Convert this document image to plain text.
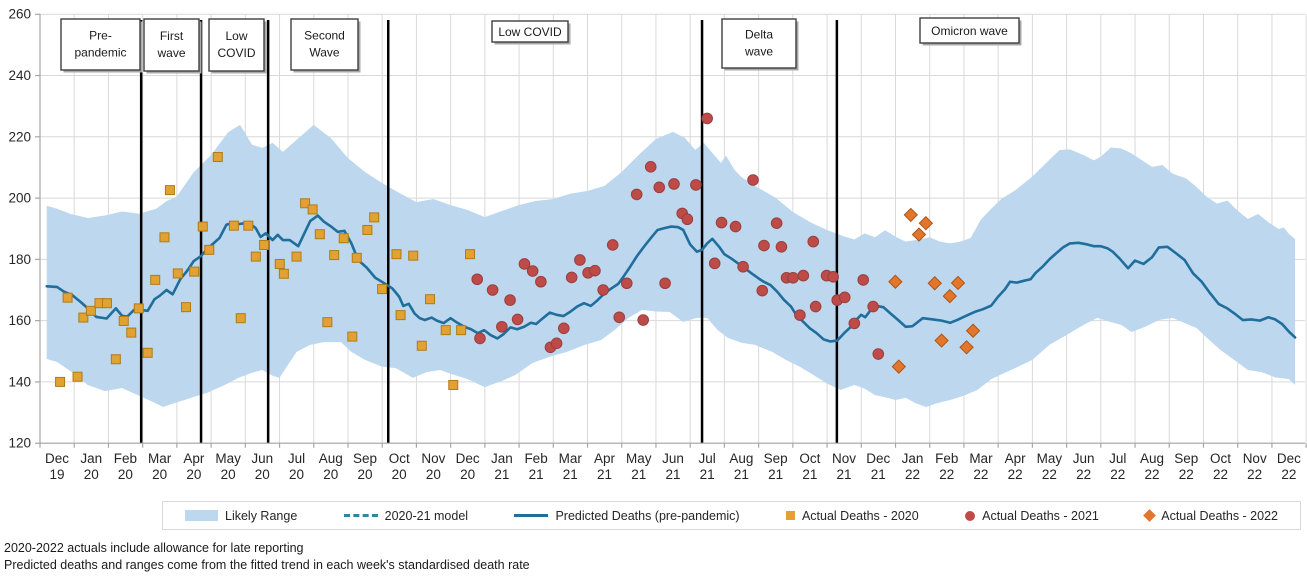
120
140
160
180
200
220
240
260
Dec
19
Jan
20
Feb
20
Mar
20
Apr
20
May
20
Jun
20
Jul
20
Aug
20
Sep
20
Oct
20
Nov
20
Dec
20
Jan
21
Feb
21
Mar
21
Apr
21
May
21
Jun
21
Jul
21
Aug
21
Sep
21
Oct
21
Nov
21
Dec
21
Jan
22
Feb
22
Mar
22
Apr
22
May
22
Jun
22
Jul
22
Aug
22
Sep
22
Oct
22
Nov
22
Dec
22
Pre-
pandemic
First
wave
Low
COVID
Second
Wave
Low COVID	Delta
wave
Omicron wave
Likely Range	2020-21 model	Predicted Deaths (pre-pandemic)	Actual Deaths - 2020	Actual Deaths - 2021	Actual Deaths - 2022
2020-2022 actuals include allowance for late reporting
Predicted deaths and ranges come from the fitted trend in each week's standardised death rate
